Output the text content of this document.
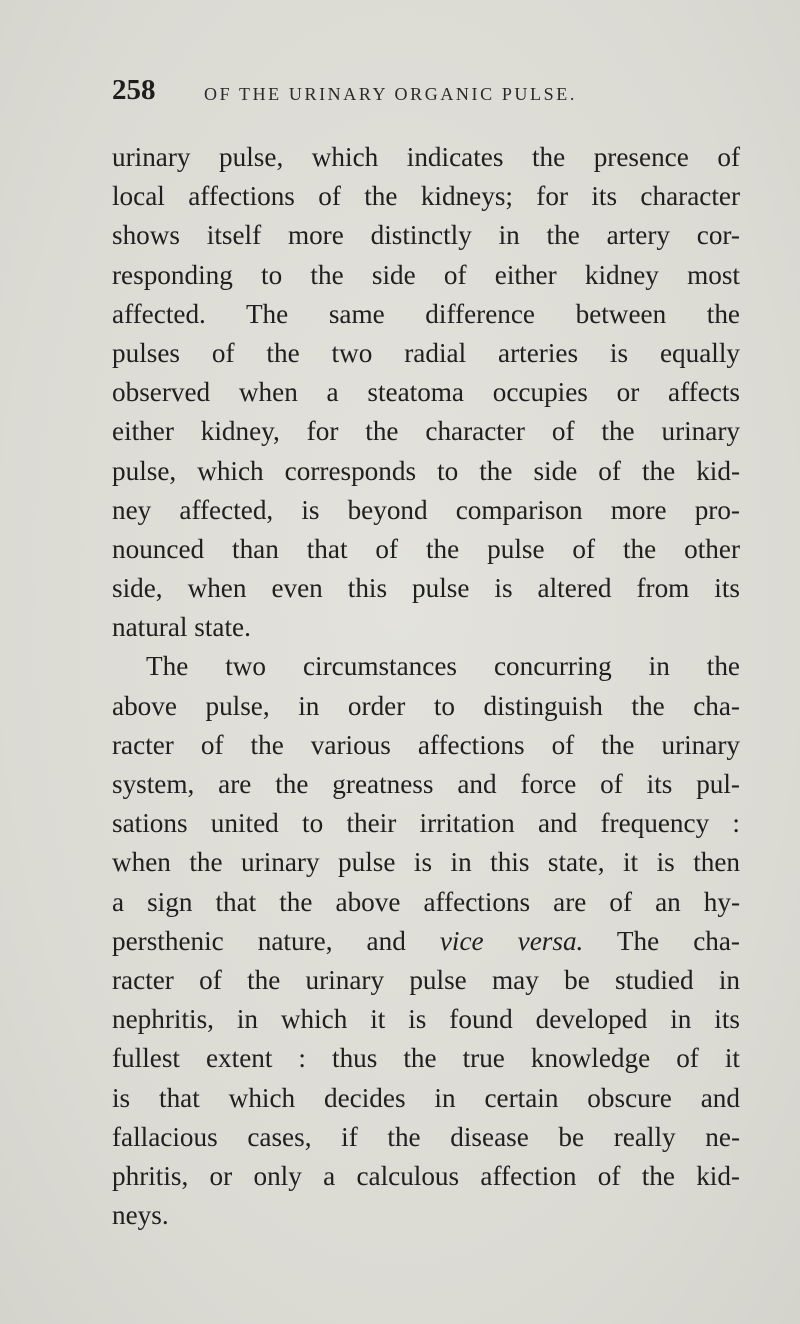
258	OF THE URINARY ORGANIC PULSE.
urinary pulse, which indicates the presence of
local affections of the kidneys; for its character
shows itself more distinctly in the artery cor-
responding to the side of either kidney most
affected. The same difference between the
pulses of the two radial arteries is equally
observed when a steatoma occupies or affects
either kidney, for the character of the urinary
pulse, which corresponds to the side of the kid-
ney affected, is beyond comparison more pro-
nounced than that of the pulse of the other
side, when even this pulse is altered from its
natural state.
The two circumstances concurring in the
above pulse, in order to distinguish the cha-
racter of the various affections of the urinary
system, are the greatness and force of its pul-
sations united to their irritation and frequency :
when the urinary pulse is in this state, it is then
a sign that the above affections are of an hy-
persthenic nature, and vice versa. The cha-
racter of the urinary pulse may be studied in
nephritis, in which it is found developed in its
fullest extent : thus the true knowledge of it
is that which decides in certain obscure and
fallacious cases, if the disease be really ne-
phritis, or only a calculous affection of the kid-
neys.
